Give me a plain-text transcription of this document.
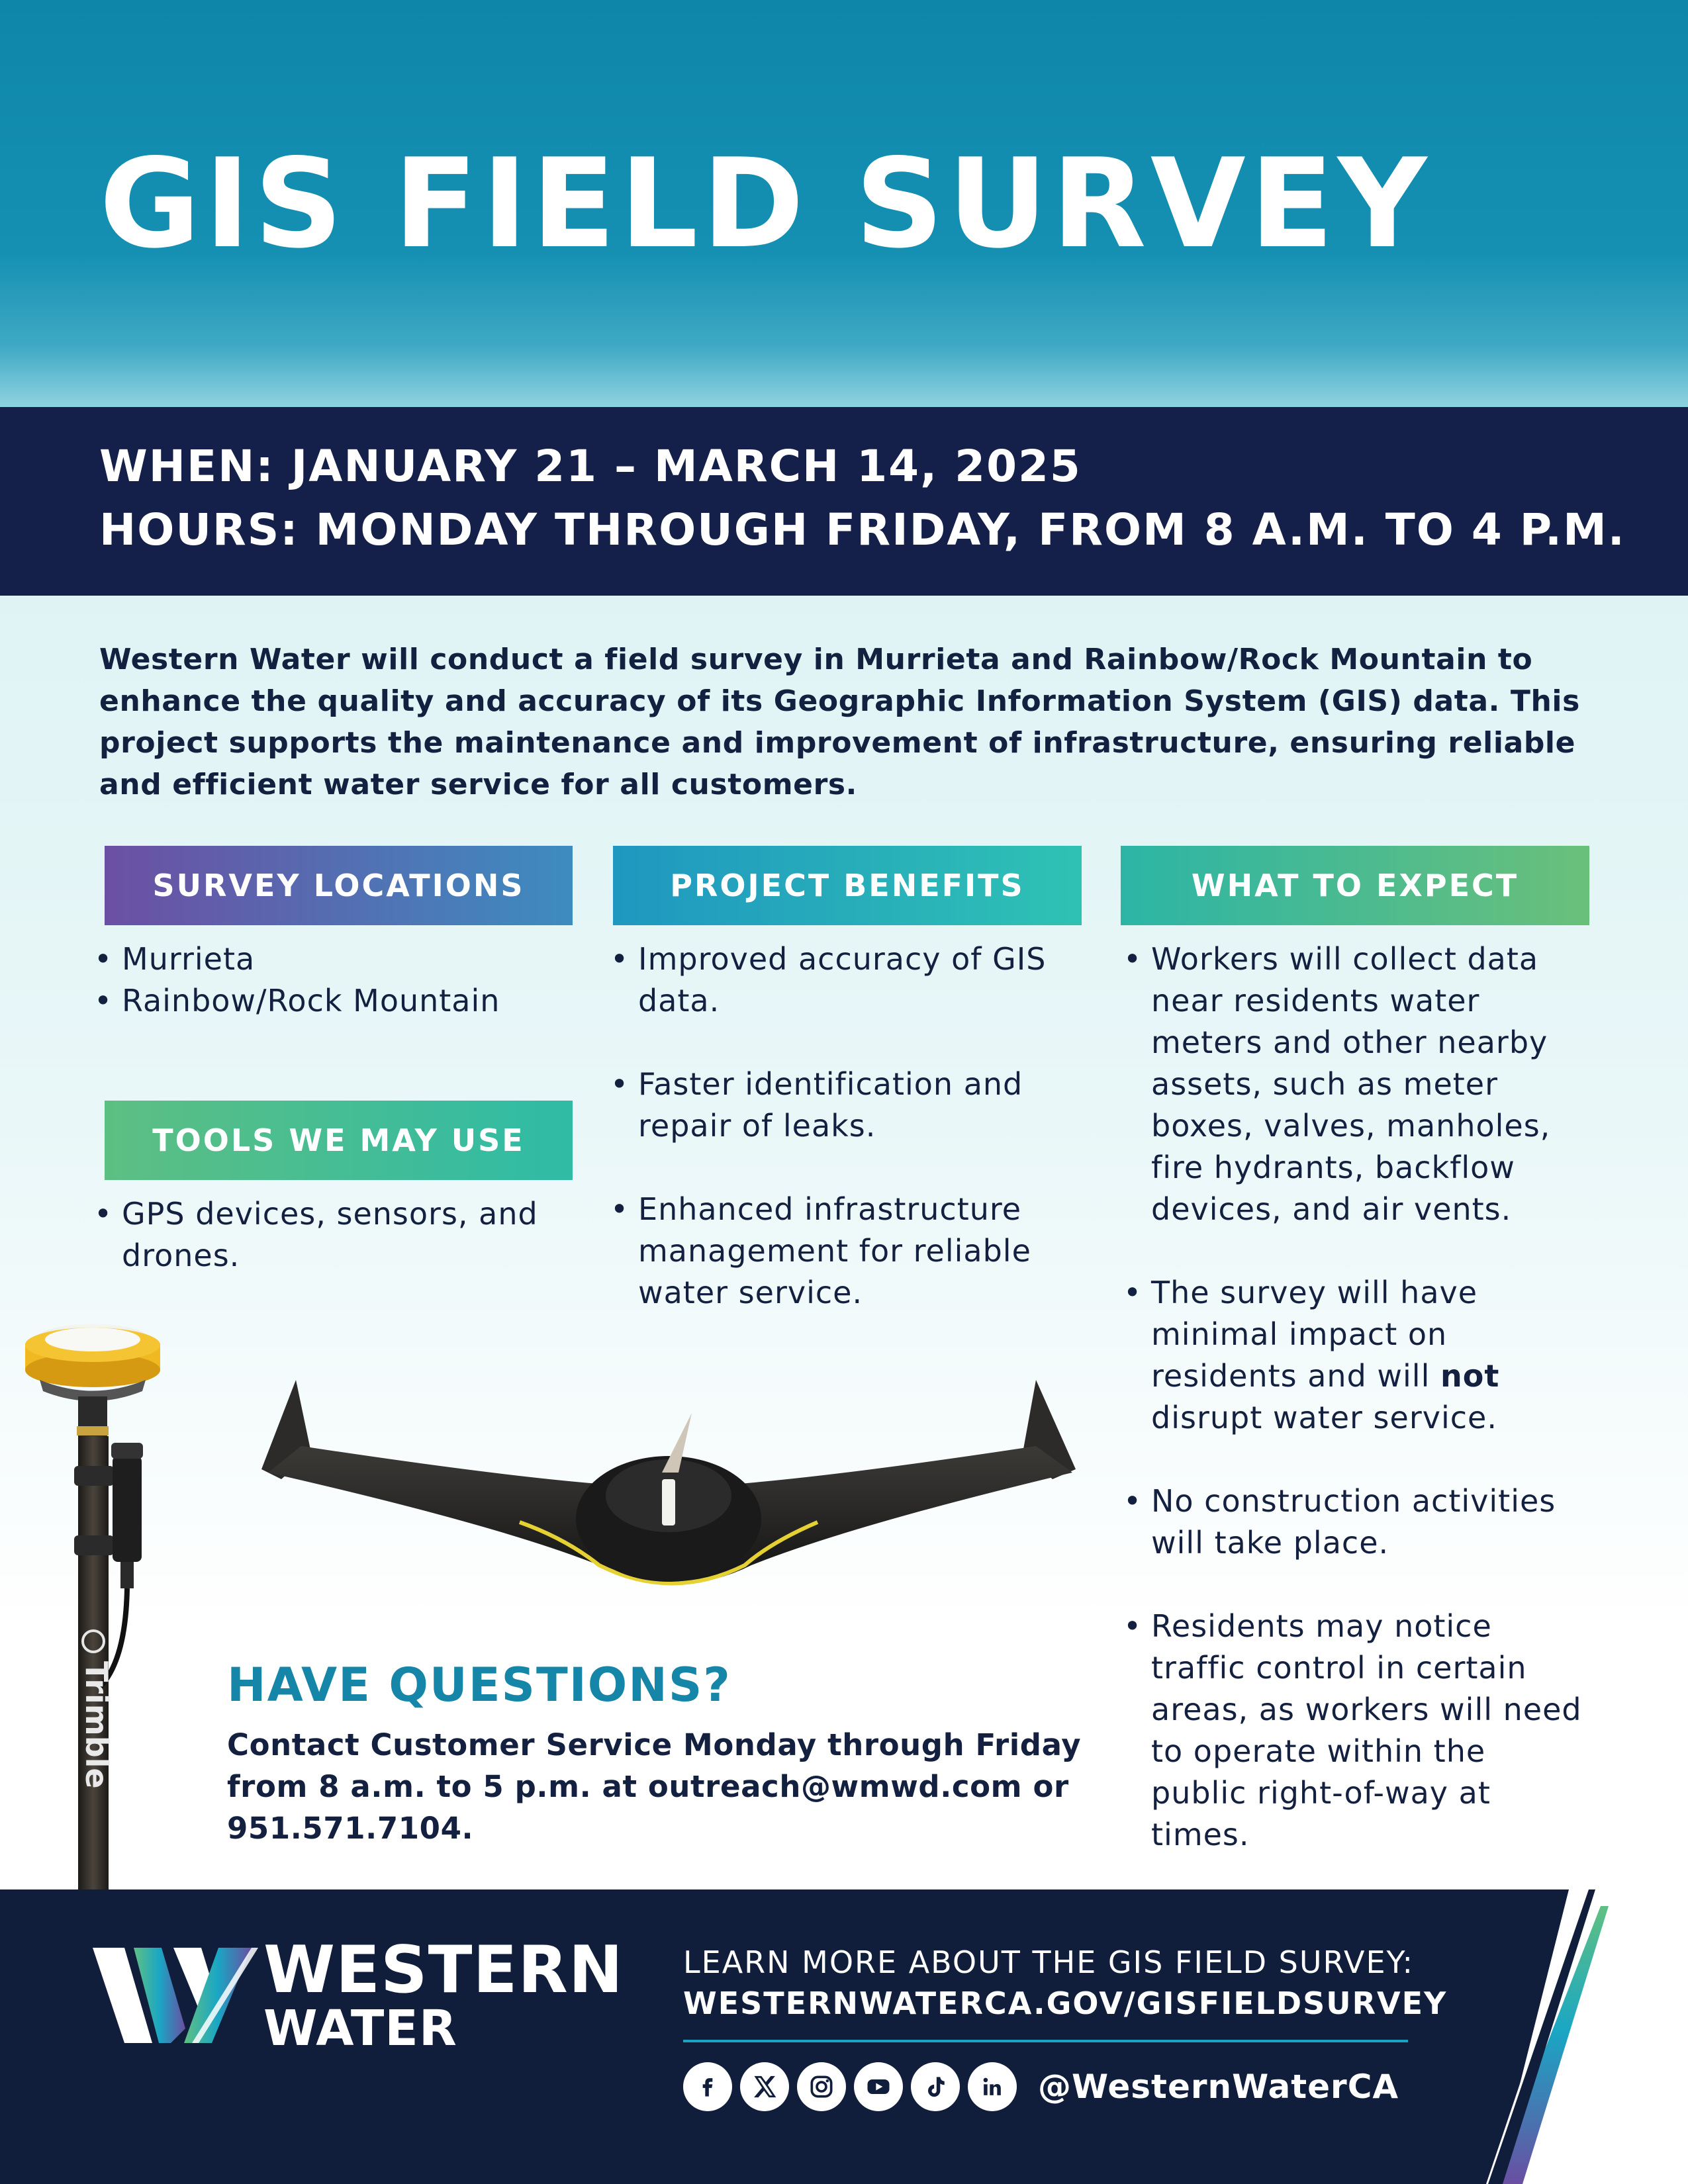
GIS FIELD SURVEY
WHEN: JANUARY 21 – MARCH 14, 2025
HOURS: MONDAY THROUGH FRIDAY, FROM 8 A.M. TO 4 P.M.

Western Water will conduct a field survey in Murrieta and Rainbow/Rock Mountain to enhance the quality and accuracy of its Geographic Information System (GIS) data. This project supports the maintenance and improvement of infrastructure, ensuring reliable and efficient water service for all customers.

SURVEY LOCATIONS	PROJECT BENEFITS	WHAT TO EXPECT
TOOLS WE MAY USE
• Murrieta
• Rainbow/Rock Mountain
• GPS devices, sensors, and drones.
• Improved accuracy of GIS data.
• Faster identification and repair of leaks.
• Enhanced infrastructure management for reliable water service.
• Workers will collect data near residents water meters and other nearby assets, such as meter boxes, valves, manholes, fire hydrants, backflow devices, and air vents.
• The survey will have minimal impact on residents and will not disrupt water service.
• No construction activities will take place.
• Residents may notice traffic control in certain areas, as workers will need to operate within the public right-of-way at times.
Trimble HAVE QUESTIONS?

Contact Customer Service Monday through Friday from 8 a.m. to 5 p.m. at outreach@wmwd.com or 951.571.7104.

WESTERN
WATER
LEARN MORE ABOUT THE GIS FIELD SURVEY:
WESTERNWATERCA.GOV/GISFIELDSURVEY
@WesternWaterCA
